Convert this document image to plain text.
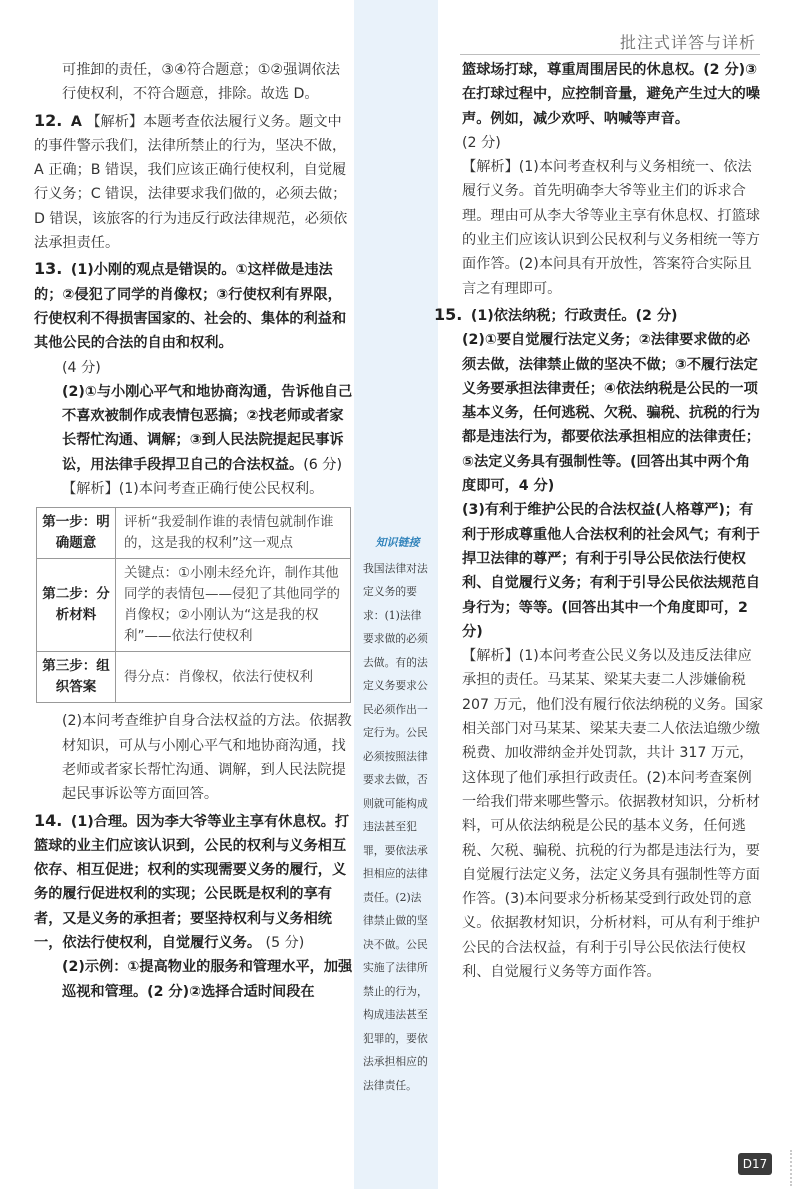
批注式详答与详析

知识链接

我国法律对法定义务的要求：(1)法律要求做的必须去做。有的法定义务要求公民必须作出一定行为。公民必须按照法律要求去做，否则就可能构成违法甚至犯罪，要依法承担相应的法律责任。(2)法律禁止做的坚决不做。公民实施了法律所禁止的行为，构成违法甚至犯罪的，要依法承担相应的法律责任。

可推卸的责任，③④符合题意；①②强调依法行使权利，不符合题意，排除。故选 D。

12. A 【解析】本题考查依法履行义务。题文中的事件警示我们，法律所禁止的行为，坚决不做，A 正确；B 错误，我们应该正确行使权利，自觉履行义务；C 错误，法律要求我们做的，必须去做；D 错误，该旅客的行为违反行政法律规范，必须依法承担责任。

13. (1)小刚的观点是错误的。①这样做是违法的；②侵犯了同学的肖像权；③行使权利有界限，行使权利不得损害国家的、社会的、集体的利益和其他公民的合法的自由和权利。

(4 分)

(2)①与小刚心平气和地协商沟通，告诉他自己不喜欢被制作成表情包恶搞；②找老师或者家长帮忙沟通、调解；③到人民法院提起民事诉讼，用法律手段捍卫自己的合法权益。(6 分)

【解析】(1)本问考查正确行使公民权利。

第一步：明确题意	评析“我爱制作谁的表情包就制作谁的，这是我的权利”这一观点
第二步：分析材料	关键点：①小刚未经允许，制作其他同学的表情包——侵犯了其他同学的肖像权；②小刚认为“这是我的权利”——依法行使权利
第三步：组织答案	得分点：肖像权，依法行使权利

(2)本问考查维护自身合法权益的方法。依据教材知识，可从与小刚心平气和地协商沟通，找老师或者家长帮忙沟通、调解，到人民法院提起民事诉讼等方面回答。

14. (1)合理。因为李大爷等业主享有休息权。打篮球的业主们应该认识到，公民的权利与义务相互依存、相互促进；权利的实现需要义务的履行，义务的履行促进权利的实现；公民既是权利的享有者，又是义务的承担者；要坚持权利与义务相统一，依法行使权利，自觉履行义务。 (5 分)

(2)示例：①提高物业的服务和管理水平，加强巡视和管理。(2 分)②选择合适时间段在

篮球场打球，尊重周围居民的休息权。(2 分)③在打球过程中，应控制音量，避免产生过大的噪声。例如，减少欢呼、呐喊等声音。

(2 分)

【解析】(1)本问考查权利与义务相统一、依法履行义务。首先明确李大爷等业主们的诉求合理。理由可从李大爷等业主享有休息权、打篮球的业主们应该认识到公民权利与义务相统一等方面作答。(2)本问具有开放性，答案符合实际且言之有理即可。

15. (1)依法纳税；行政责任。(2 分)

(2)①要自觉履行法定义务；②法律要求做的必须去做，法律禁止做的坚决不做；③不履行法定义务要承担法律责任；④依法纳税是公民的一项基本义务，任何逃税、欠税、骗税、抗税的行为都是违法行为，都要依法承担相应的法律责任；⑤法定义务具有强制性等。(回答出其中两个角度即可，4 分)

(3)有利于维护公民的合法权益(人格尊严)；有利于形成尊重他人合法权利的社会风气；有利于捍卫法律的尊严；有利于引导公民依法行使权利、自觉履行义务；有利于引导公民依法规范自身行为；等等。(回答出其中一个角度即可，2 分)

【解析】(1)本问考查公民义务以及违反法律应承担的责任。马某某、梁某夫妻二人涉嫌偷税 207 万元，他们没有履行依法纳税的义务。国家相关部门对马某某、梁某夫妻二人依法追缴少缴税费、加收滞纳金并处罚款，共计 317 万元，这体现了他们承担行政责任。(2)本问考查案例一给我们带来哪些警示。依据教材知识，分析材料，可从依法纳税是公民的基本义务，任何逃税、欠税、骗税、抗税的行为都是违法行为，要自觉履行法定义务，法定义务具有强制性等方面作答。(3)本问要求分析杨某受到行政处罚的意义。依据教材知识，分析材料，可从有利于维护公民的合法权益，有利于引导公民依法行使权利、自觉履行义务等方面作答。

D17
